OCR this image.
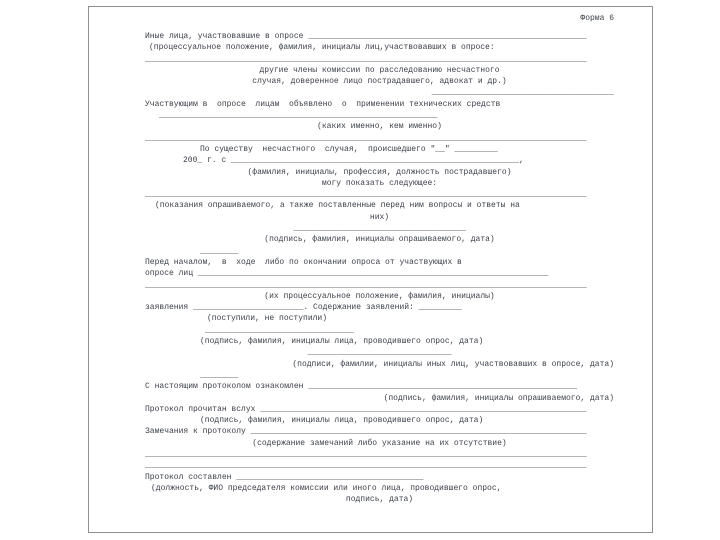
Форма 6
Иные лица, участвовавшие в опросе __________________________________________________________
(процессуальное положение, фамилия, инициалы лиц,участвовавших в опросе:
____________________________________________________________________________________________
другие члены комиссии по расследованию несчастного
случая, доверенное лицо пострадавшего, адвокат и др.)
______________________________________
Участвующим в  опросе  лицам  объявлено  о  применении технических средств
__________________________________________________________
(каких именно, кем именно)
____________________________________________________________________________________________
По существу  несчастного  случая,  происшедшего "__" _________
200_ г. с ____________________________________________________________,
(фамилия, инициалы, профессия, должность пострадавшего)
могу показать следующее:
____________________________________________________________________________________________
(показания опрашиваемого, а также поставленные перед ним вопросы и ответы на
них)
____________________________________
(подпись, фамилия, инициалы опрашиваемого, дата)
________
Перед началом,  в  ходе  либо по окончании опроса от участвующих в
опросе лиц _________________________________________________________________________
____________________________________________________________________________________________
(их процессуальное положение, фамилия, инициалы)
заявления _______________________. Содержание заявлений: _________
(поступили, не поступили)
_______________________________
(подпись, фамилия, инициалы лица, проводившего опрос, дата)
______________________________
(подписи, фамилии, инициалы иных лиц, участвовавших в опросе, дата)
________
С настоящим протоколом ознакомлен ________________________________________________________
(подпись, фамилия, инициалы опрашиваемого, дата)
Протокол прочитан вслух ____________________________________________________________________
(подпись, фамилия, инициалы лица, проводившего опрос, дата)
Замечания к протоколу ______________________________________________________________________
(содержание замечаний либо указание на их отсутствие)
____________________________________________________________________________________________
____________________________________________________________________________________________
Протокол составлен _______________________________________
(должность, ФИО председателя комиссии или иного лица, проводившего опрос,
подпись, дата)
